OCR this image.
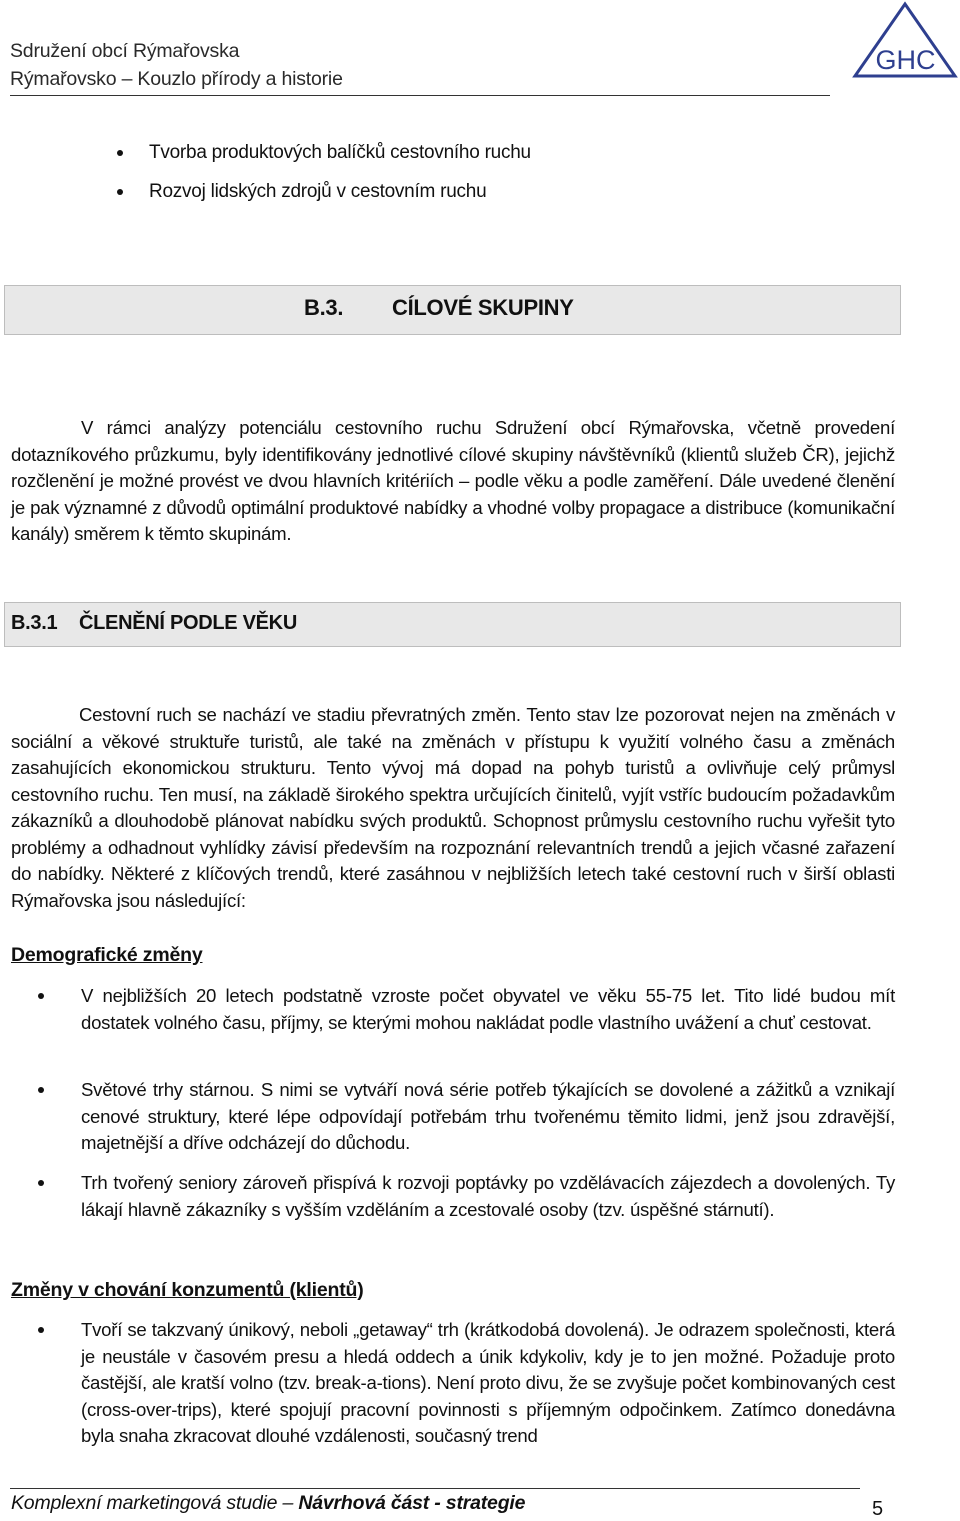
Sdružení obcí Rýmařovska
Rýmařovsko – Kouzlo přírody a historie
GHC
Tvorba produktových balíčků cestovního ruchu
Rozvoj lidských zdrojů v cestovním ruchu
B.3. CÍLOVÉ SKUPINY

V rámci analýzy potenciálu cestovního ruchu Sdružení obcí Rýmařovska, včetně provedení dotazníkového průzkumu, byly identifikovány jednotlivé cílové skupiny návštěvníků (klientů služeb ČR), jejichž rozčlenění je možné provést ve dvou hlavních kritériích – podle věku a podle zaměření. Dále uvedené členění je pak významné z důvodů optimální produktové nabídky a vhodné volby propagace a distribuce (komunikační kanály) směrem k těmto skupinám.

B.3.1 ČLENĚNÍ PODLE VĚKU

Cestovní ruch se nachází ve stadiu převratných změn. Tento stav lze pozorovat nejen na změnách v sociální a věkové struktuře turistů, ale také na změnách v přístupu k využití volného času a změnách zasahujících ekonomickou strukturu. Tento vývoj má dopad na pohyb turistů a ovlivňuje celý průmysl cestovního ruchu. Ten musí, na základě širokého spektra určujících činitelů, vyjít vstříc budoucím požadavkům zákazníků a dlouhodobě plánovat nabídku svých produktů. Schopnost průmyslu cestovního ruchu vyřešit tyto problémy a odhadnout vyhlídky závisí především na rozpoznání relevantních trendů a jejich včasné zařazení do nabídky. Některé z klíčových trendů, které zasáhnou v nejbližších letech také cestovní ruch v širší oblasti Rýmařovska jsou následující:

Demografické změny

V nejbližších 20 letech podstatně vzroste počet obyvatel ve věku 55-75 let. Tito lidé budou mít dostatek volného času, příjmy, se kterými mohou nakládat podle vlastního uvážení a chuť cestovat.

Světové trhy stárnou. S nimi se vytváří nová série potřeb týkajících se dovolené a zážitků a vznikají cenové struktury, které lépe odpovídají potřebám trhu tvořenému těmito lidmi, jenž jsou zdravější, majetnější a dříve odcházejí do důchodu.

Trh tvořený seniory zároveň přispívá k rozvoji poptávky po vzdělávacích zájezdech a dovolených. Ty lákají hlavně zákazníky s vyšším vzděláním a zcestovalé osoby (tzv. úspěšné stárnutí).

Změny v chování konzumentů (klientů)

Tvoří se takzvaný únikový, neboli „getaway“ trh (krátkodobá dovolená). Je odrazem společnosti, která je neustále v časovém presu a hledá oddech a únik kdykoliv, kdy je to jen možné. Požaduje proto častější, ale kratší volno (tzv. break-a-tions). Není proto divu, že se zvyšuje počet kombinovaných cest (cross-over-trips), které spojují pracovní povinnosti s příjemným odpočinkem. Zatímco donedávna byla snaha zkracovat dlouhé vzdálenosti, současný trend

Komplexní marketingová studie – Návrhová část - strategie	5
